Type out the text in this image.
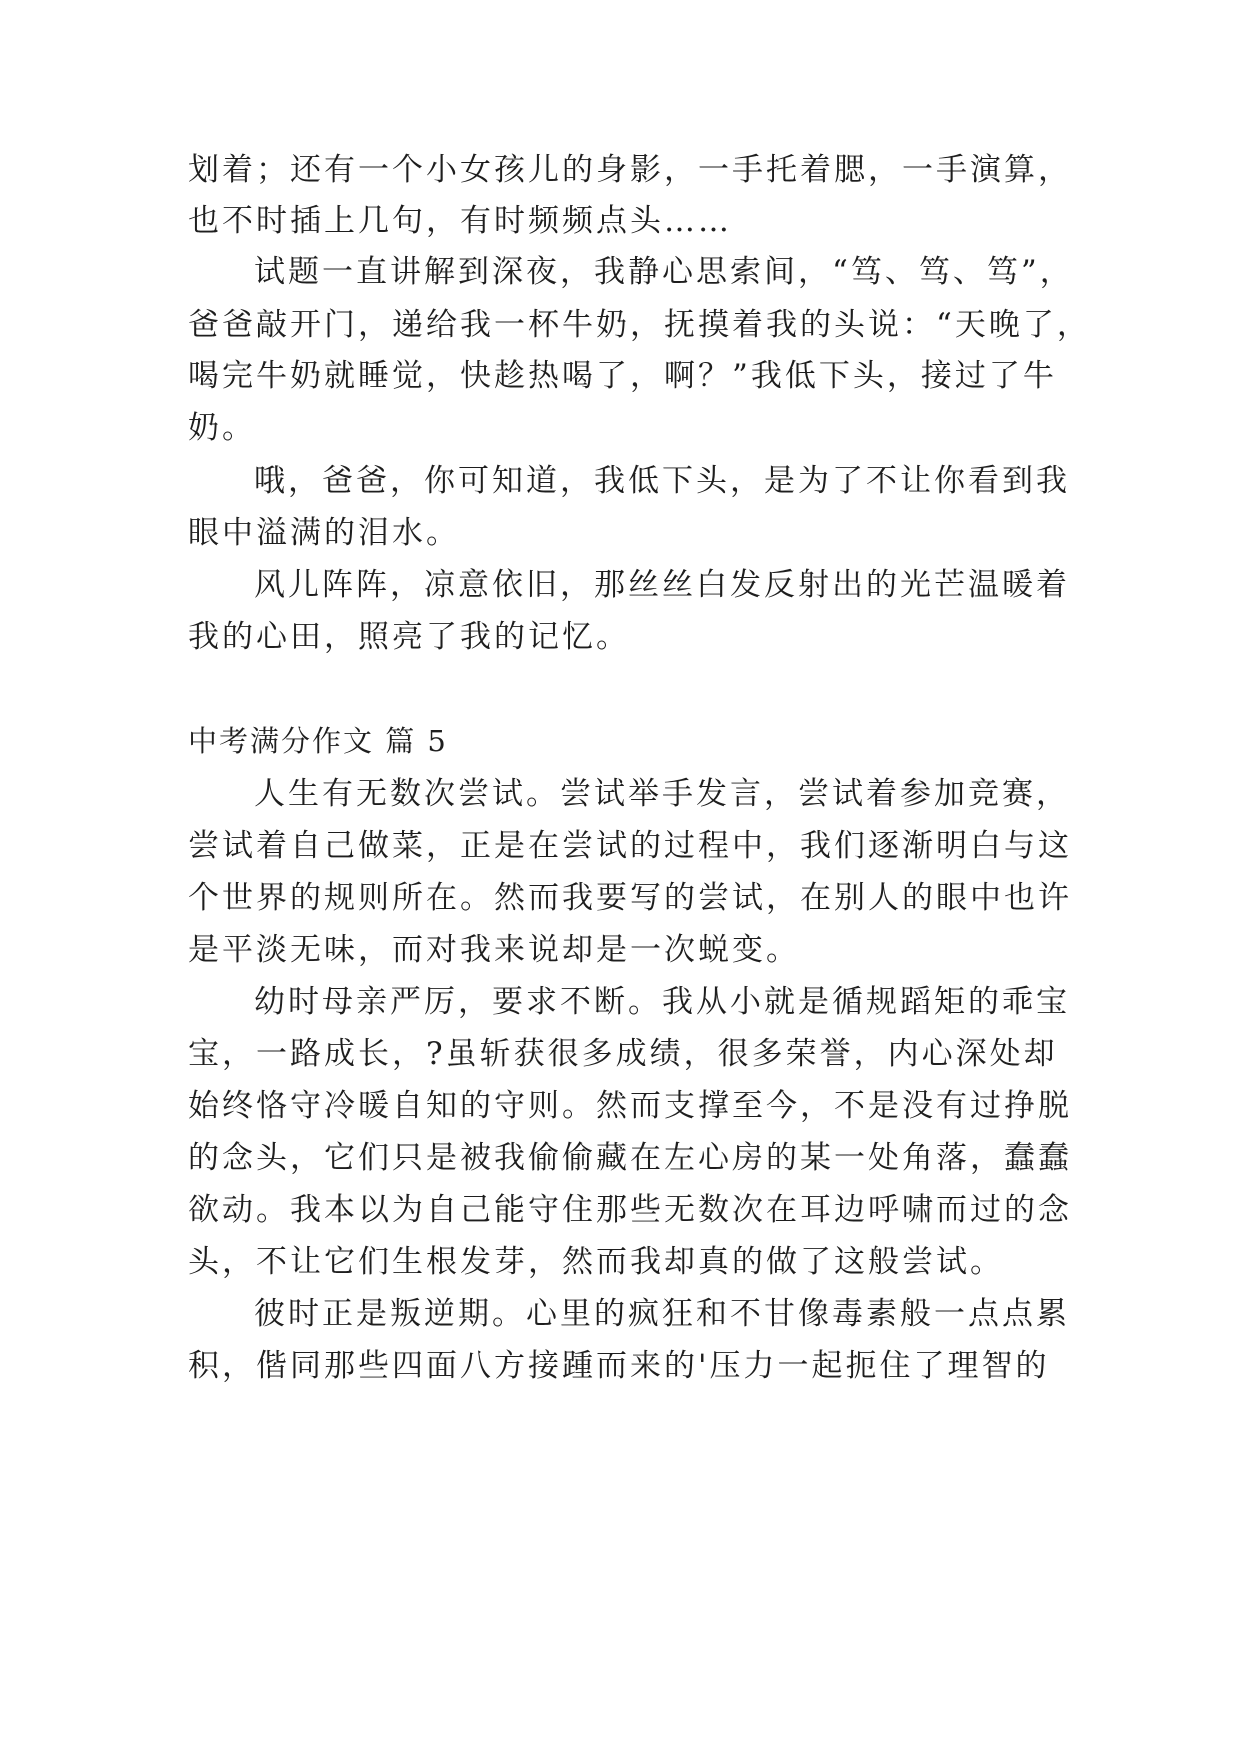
划着；还有一个小女孩儿的身影，一手托着腮，一手演算，
也不时插上几句，有时频频点头……
试题一直讲解到深夜，我静心思索间，“笃、笃、笃”，
爸爸敲开门，递给我一杯牛奶，抚摸着我的头说：“天晚了，
喝完牛奶就睡觉，快趁热喝了，啊？”我低下头，接过了牛
奶。
哦，爸爸，你可知道，我低下头，是为了不让你看到我
眼中溢满的泪水。
风儿阵阵，凉意依旧，那丝丝白发反射出的光芒温暖着
我的心田，照亮了我的记忆。
中考满分作文 篇 5
人生有无数次尝试。尝试举手发言，尝试着参加竞赛，
尝试着自己做菜，正是在尝试的过程中，我们逐渐明白与这
个世界的规则所在。然而我要写的尝试，在别人的眼中也许
是平淡无味，而对我来说却是一次蜕变。
幼时母亲严厉，要求不断。我从小就是循规蹈矩的乖宝
宝，一路成长，?虽斩获很多成绩，很多荣誉，内心深处却
始终恪守冷暖自知的守则。然而支撑至今，不是没有过挣脱
的念头，它们只是被我偷偷藏在左心房的某一处角落，蠢蠢
欲动。我本以为自己能守住那些无数次在耳边呼啸而过的念
头，不让它们生根发芽，然而我却真的做了这般尝试。
彼时正是叛逆期。心里的疯狂和不甘像毒素般一点点累
积，偕同那些四面八方接踵而来的'压力一起扼住了理智的
